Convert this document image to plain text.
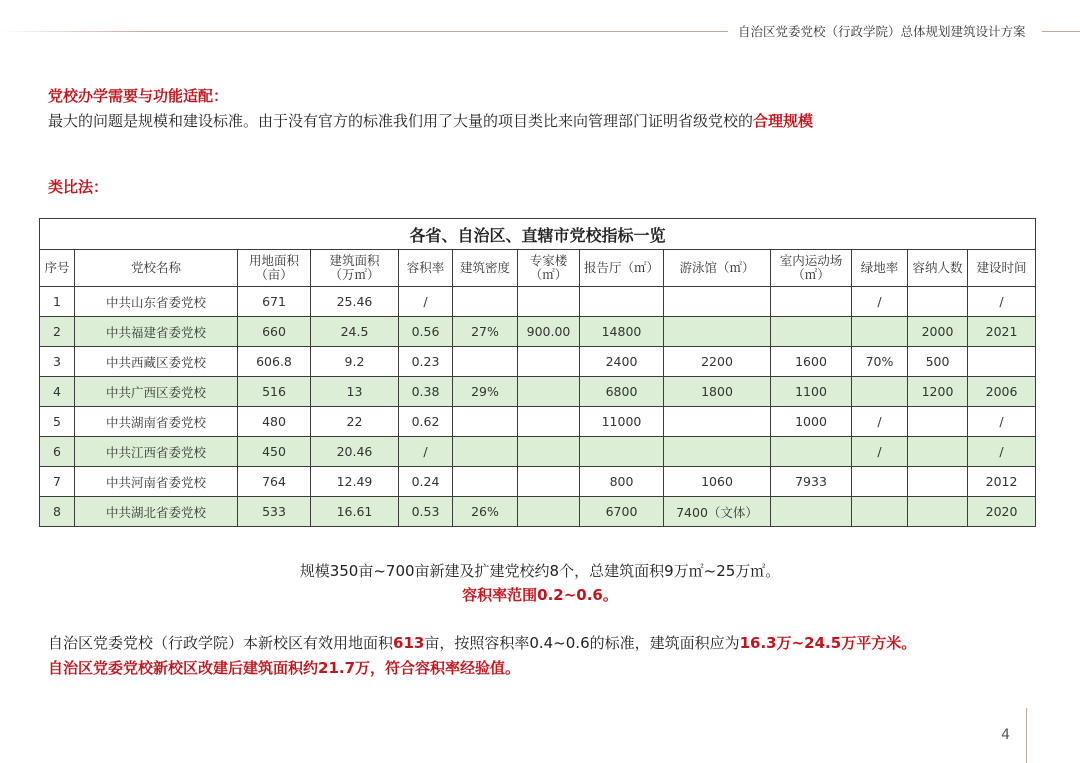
自治区党委党校（行政学院）总体规划建筑设计方案
党校办学需要与功能适配：
最大的问题是规模和建设标准。由于没有官方的标准我们用了大量的项目类比来向管理部门证明省级党校的合理规模
类比法：
各省、自治区、直辖市党校指标一览												
序号	党校名称	用地面积
（亩）	建筑面积
（万㎡）	容积率	建筑密度	专家楼
（㎡）	报告厅（㎡）	游泳馆（㎡）	室内运动场
（㎡）	绿地率	容纳人数	建设时间
1	中共山东省委党校	671	25.46	/						/		/
2	中共福建省委党校	660	24.5	0.56	27%	900.00	14800				2000	2021
3	中共西藏区委党校	606.8	9.2	0.23			2400	2200	1600	70%	500	
4	中共广西区委党校	516	13	0.38	29%		6800	1800	1100		1200	2006
5	中共湖南省委党校	480	22	0.62			11000		1000	/		/
6	中共江西省委党校	450	20.46	/						/		/
7	中共河南省委党校	764	12.49	0.24			800	1060	7933			2012
8	中共湖北省委党校	533	16.61	0.53	26%		6700	7400（文体）				2020
规模350亩~700亩新建及扩建党校约8个，总建筑面积9万㎡~25万㎡。
容积率范围0.2~0.6。
自治区党委党校（行政学院）本新校区有效用地面积613亩，按照容积率0.4~0.6的标准，建筑面积应为16.3万~24.5万平方米。
自治区党委党校新校区改建后建筑面积约21.7万，符合容积率经验值。
4
